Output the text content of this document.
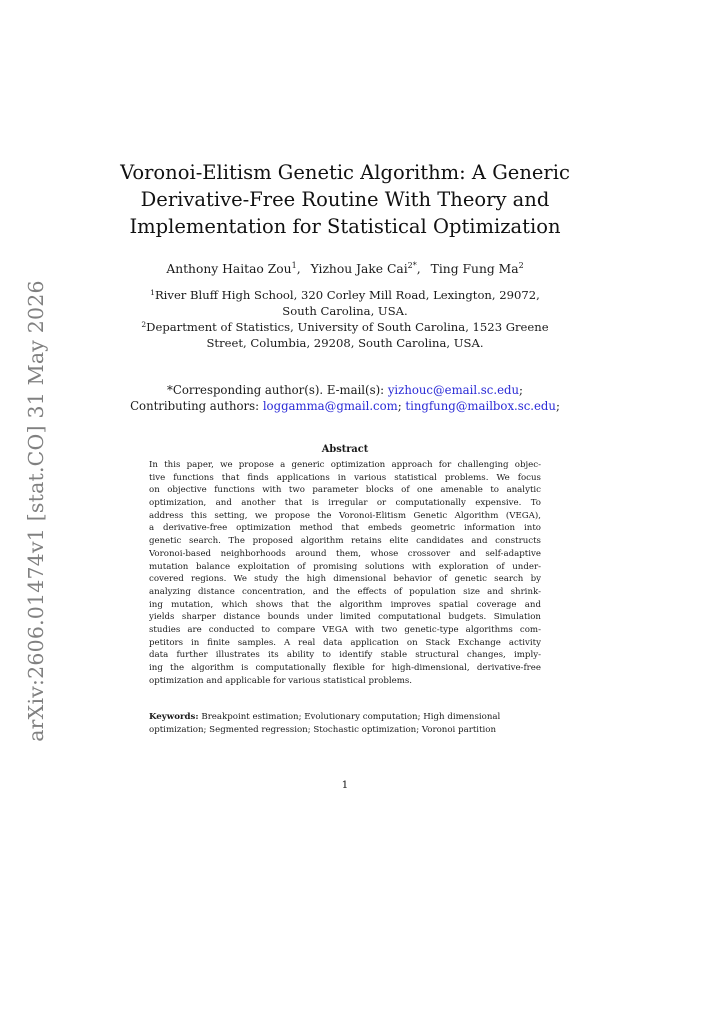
arXiv:2606.01474v1 [stat.CO] 31 May 2026
Voronoi-Elitism Genetic Algorithm: A Generic
Derivative-Free Routine With Theory and
Implementation for Statistical Optimization
Anthony Haitao Zou$^1$, Yizhou Jake Cai$^{2*}$, Ting Fung Ma$^2$
$^1$River Bluff High School, 320 Corley Mill Road, Lexington, 29072,
South Carolina, USA.
$^2$Department of Statistics, University of South Carolina, 1523 Greene
Street, Columbia, 29208, South Carolina, USA.
*Corresponding author(s). E-mail(s): yizhouc@email.sc.edu;
Contributing authors: loggamma@gmail.com; tingfung@mailbox.sc.edu;
Abstract
In this paper, we propose a generic optimization approach for challenging objec-
tive functions that finds applications in various statistical problems. We focus
on objective functions with two parameter blocks of one amenable to analytic
optimization, and another that is irregular or computationally expensive. To
address this setting, we propose the Voronoi-Elitism Genetic Algorithm (VEGA),
a derivative-free optimization method that embeds geometric information into
genetic search. The proposed algorithm retains elite candidates and constructs
Voronoi-based neighborhoods around them, whose crossover and self-adaptive
mutation balance exploitation of promising solutions with exploration of under-
covered regions. We study the high dimensional behavior of genetic search by
analyzing distance concentration, and the effects of population size and shrink-
ing mutation, which shows that the algorithm improves spatial coverage and
yields sharper distance bounds under limited computational budgets. Simulation
studies are conducted to compare VEGA with two genetic-type algorithms com-
petitors in finite samples. A real data application on Stack Exchange activity
data further illustrates its ability to identify stable structural changes, imply-
ing the algorithm is computationally flexible for high-dimensional, derivative-free
optimization and applicable for various statistical problems.
Keywords: Breakpoint estimation; Evolutionary computation; High dimensional
optimization; Segmented regression; Stochastic optimization; Voronoi partition
1
